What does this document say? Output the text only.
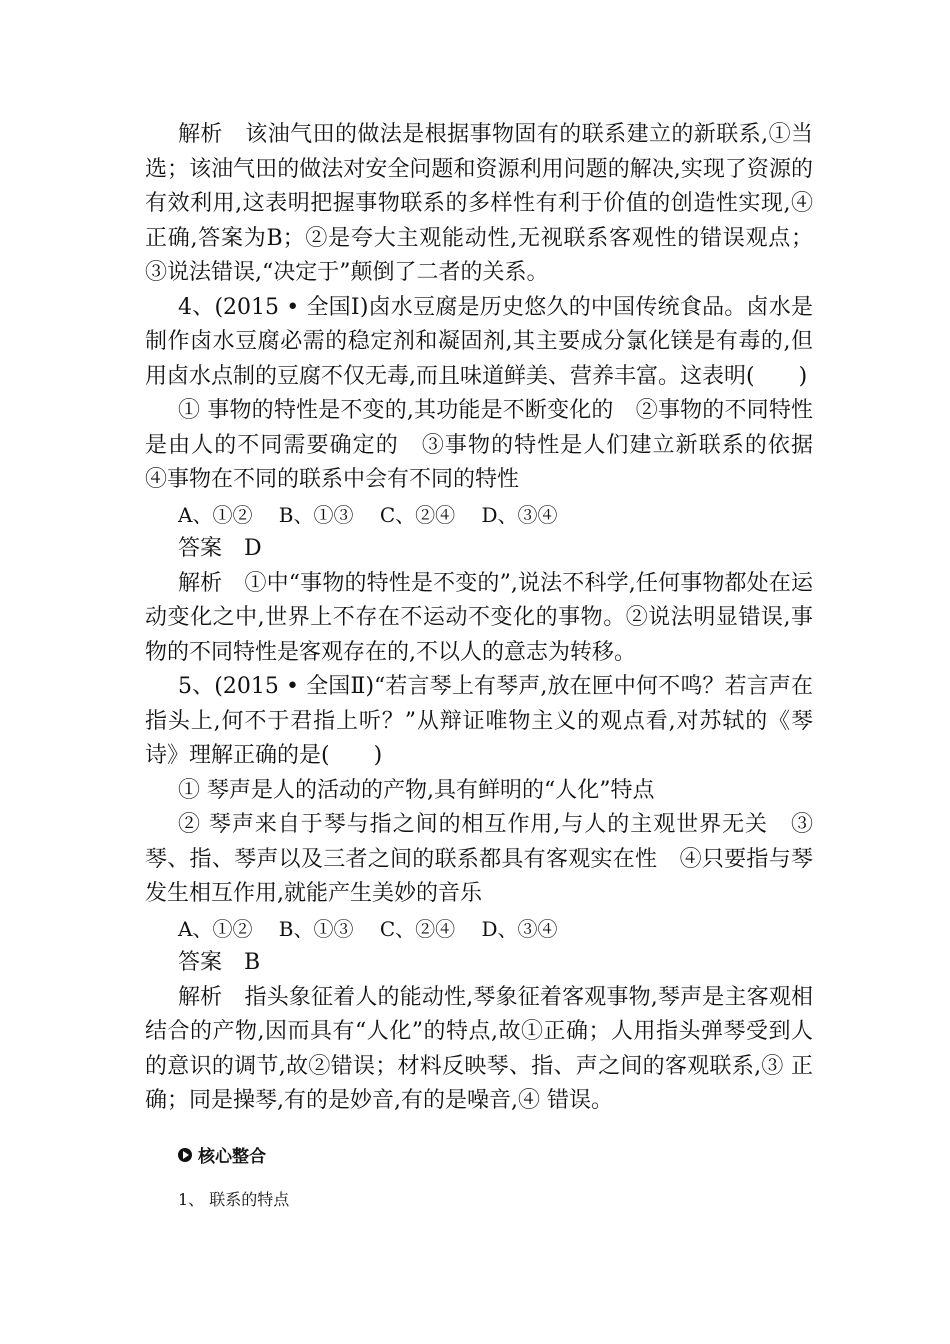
解析　该油气田的做法是根据事物固有的联系建立的新联系,①当选；该油气田的做法对安全问题和资源利用问题的解决,实现了资源的有效利用,这表明把握事物联系的多样性有利于价值的创造性实现,④ 正确,答案为B；②是夸大主观能动性,无视联系客观性的错误观点；③说法错误,“决定于”颠倒了二者的关系。

4、(2015 • 全国Ⅰ)卤水豆腐是历史悠久的中国传统食品。卤水是制作卤水豆腐必需的稳定剂和凝固剂,其主要成分氯化镁是有毒的,但用卤水点制的豆腐不仅无毒,而且味道鲜美、营养丰富。这表明(　　)

① 事物的特性是不变的,其功能是不断变化的　②事物的不同特性是由人的不同需要确定的　③事物的特性是人们建立新联系的依据　④事物在不同的联系中会有不同的特性

A、①②　 B、①③　 C、②④　 D、③④

答案　D

解析　①中“事物的特性是不变的”,说法不科学,任何事物都处在运动变化之中,世界上不存在不运动不变化的事物。②说法明显错误,事物的不同特性是客观存在的,不以人的意志为转移。

5、(2015 • 全国Ⅱ)“若言琴上有琴声,放在匣中何不鸣？若言声在指头上,何不于君指上听？”从辩证唯物主义的观点看,对苏轼的《琴诗》理解正确的是(　　)

① 琴声是人的活动的产物,具有鲜明的“人化”特点

② 琴声来自于琴与指之间的相互作用,与人的主观世界无关　③琴、指、琴声以及三者之间的联系都具有客观实在性　④只要指与琴发生相互作用,就能产生美妙的音乐

A、①②　 B、①③　 C、②④　 D、③④

答案　B

解析　指头象征着人的能动性,琴象征着客观事物,琴声是主客观相结合的产物,因而具有“人化”的特点,故①正确；人用指头弹琴受到人的意识的调节,故②错误；材料反映琴、指、声之间的客观联系,③ 正确；同是操琴,有的是妙音,有的是噪音,④ 错误。

核心整合
1、 联系的特点
